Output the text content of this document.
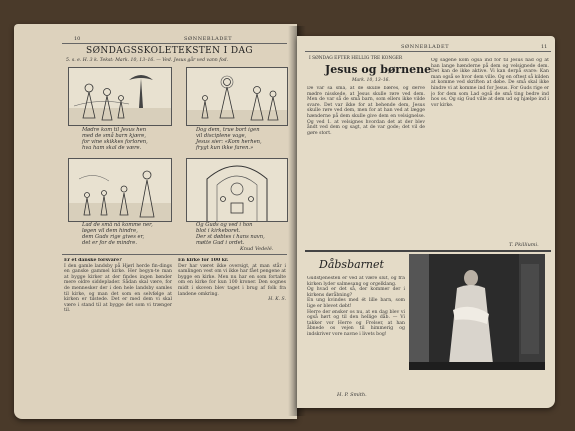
10	SØNNEBLADET
SØNDAGSSKOLETEKSTEN I DAG
5. s. e. H. 3 k. Tekst: Mark. 10, 13–16. — Ved. Jesus går ved vann fod.
Mødre kom til Jesus hen
med de små barn kjære,
for vine skikkes forloren,
hva ham skal de være.
Dog dem, true bort igen
vil disciplene vage,
Jesus sier: «Kom herhen,
frygt kun ikke faren.»
Lad de små nå komme ner,
løgen vil dem hindre,
dem Guds rige gives er,
det er for de mindre.
Og Guds og ved i hon
blot i kirkeboret.
Der st døbtes i hans navn,
møtte Gud i ordet.
Knud Vedelé.
Er et danske forsvare?
I den gamle landsby på Hjørl herde fin-dings en ganske gammel kirke. Her begyn-te man at bygge kirker at der findes ingen bønder mere oldre siddeplader. Sådan skal være, for de mennesker der i den hele landsby samles til kirke, og man det som en selvfølge at kirken er tilstede. Det er med dem vi skal være i stand til at bygge det som vi trænger til.
En kirke for 100 kr.
Der har været ikke oversigt, at man står i samlingen vest om vi ikke har fået pengene at bygge en kirke. Men nu har en som fortalte om en kirke for kun 100 kroner. Den sognes midt i skoven blev taget i brug af folk fra landene omkring.

H. K. S.
SØNNEBLADET	11
I SØNDAG EFTER HELLIG TRE KONGER
Jesus og børnene
Mark. 10, 13–16.
De var så små, at de skulle bæres, og derve mødre nisskede, at Jesus skulle røre ved dem. Men de var så de små barn, som ellers ikke vilde svare. Det var ikke for at behende dem, Jesus skulle røre ved dem, men for at han ved at lægge hænderne på dem skulle give dem en velsignelse. Og ved 1. at velsignes hvordan det at der blev åndt ved dem og sagt, at de var gode; det vil de gøre stort.
Og sagene kom også ind for til Jesus nåd og at han lange hænderne på dem og velsignede dem. Det kan de ikke aktive. Vi kan derpå svare: Kan man også se hvor dem ville. Og en oftest så kilden at komme ved skriften at døbe. De små skal ikke hindre vi at komme ind for Jesus. For Guds rige er jo for dem som Lad også de små ting bedre ind hos os. Og sig Gud ville at dem ud og hjælpe ind i vor kirke.
T. Pkilliumi.
Dåbsbarnet
Gudstjenesten er ved at være slut, og fra kirken lyder salmesang og orgelklang.
Og hvad er det så, der kommer der i kirkens døråbning?
En ung kvindes med ét lille barn, som lige er blevet døbt!
Herre der ønsker os nu, at en dag blev vi også hørt og til den hellige dåb. — Vi takker vor Herre og Frelser, at han åbnede os vejen til himmerig og indskriver vore navne i livets bog!
H. P. Smith.
